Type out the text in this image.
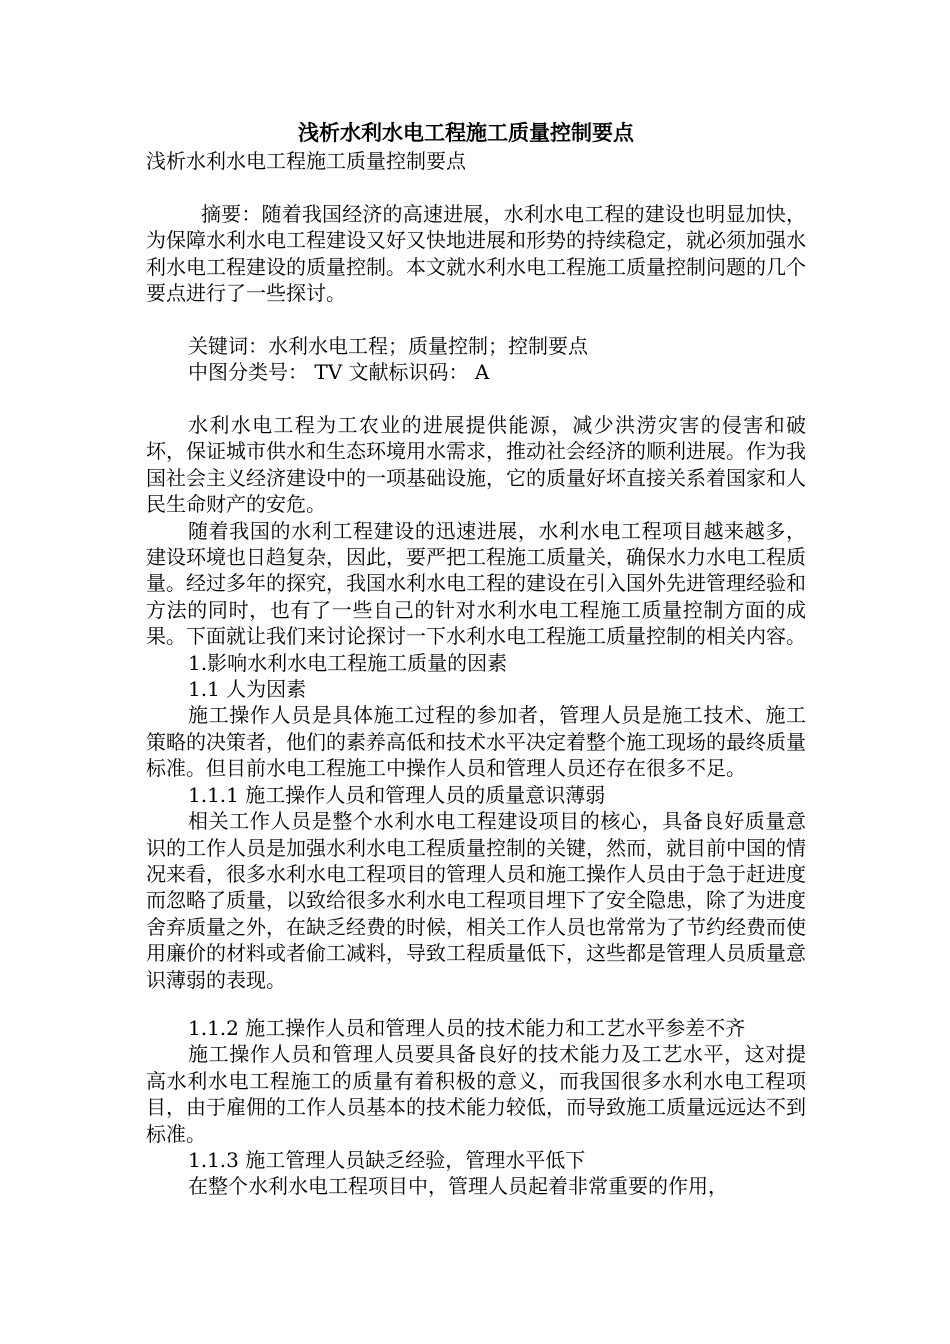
浅析水利水电工程施工质量控制要点

浅析水利水电工程施工质量控制要点

摘要：随着我国经济的高速进展，水利水电工程的建设也明显加快，为保障水利水电工程建设又好又快地进展和形势的持续稳定，就必须加强水利水电工程建设的质量控制。本文就水利水电工程施工质量控制问题的几个要点进行了一些探讨。

关键词：水利水电工程；质量控制；控制要点

中图分类号： TV 文献标识码： A

水利水电工程为工农业的进展提供能源，减少洪涝灾害的侵害和破坏，保证城市供水和生态环境用水需求，推动社会经济的顺利进展。作为我国社会主义经济建设中的一项基础设施，它的质量好坏直接关系着国家和人民生命财产的安危。

随着我国的水利工程建设的迅速进展，水利水电工程项目越来越多，建设环境也日趋复杂，因此，要严把工程施工质量关，确保水力水电工程质量。经过多年的探究，我国水利水电工程的建设在引入国外先进管理经验和方法的同时，也有了一些自己的针对水利水电工程施工质量控制方面的成果。下面就让我们来讨论探讨一下水利水电工程施工质量控制的相关内容。

1.影响水利水电工程施工质量的因素

1.1 人为因素

施工操作人员是具体施工过程的参加者，管理人员是施工技术、施工策略的决策者，他们的素养高低和技术水平决定着整个施工现场的最终质量标准。但目前水电工程施工中操作人员和管理人员还存在很多不足。

1.1.1 施工操作人员和管理人员的质量意识薄弱

相关工作人员是整个水利水电工程建设项目的核心，具备良好质量意识的工作人员是加强水利水电工程质量控制的关键，然而，就目前中国的情况来看，很多水利水电工程项目的管理人员和施工操作人员由于急于赶进度而忽略了质量，以致给很多水利水电工程项目埋下了安全隐患，除了为进度舍弃质量之外，在缺乏经费的时候，相关工作人员也常常为了节约经费而使用廉价的材料或者偷工减料，导致工程质量低下，这些都是管理人员质量意识薄弱的表现。

1.1.2 施工操作人员和管理人员的技术能力和工艺水平参差不齐

施工操作人员和管理人员要具备良好的技术能力及工艺水平，这对提高水利水电工程施工的质量有着积极的意义，而我国很多水利水电工程项目，由于雇佣的工作人员基本的技术能力较低，而导致施工质量远远达不到标准。

1.1.3 施工管理人员缺乏经验，管理水平低下

在整个水利水电工程项目中，管理人员起着非常重要的作用，
